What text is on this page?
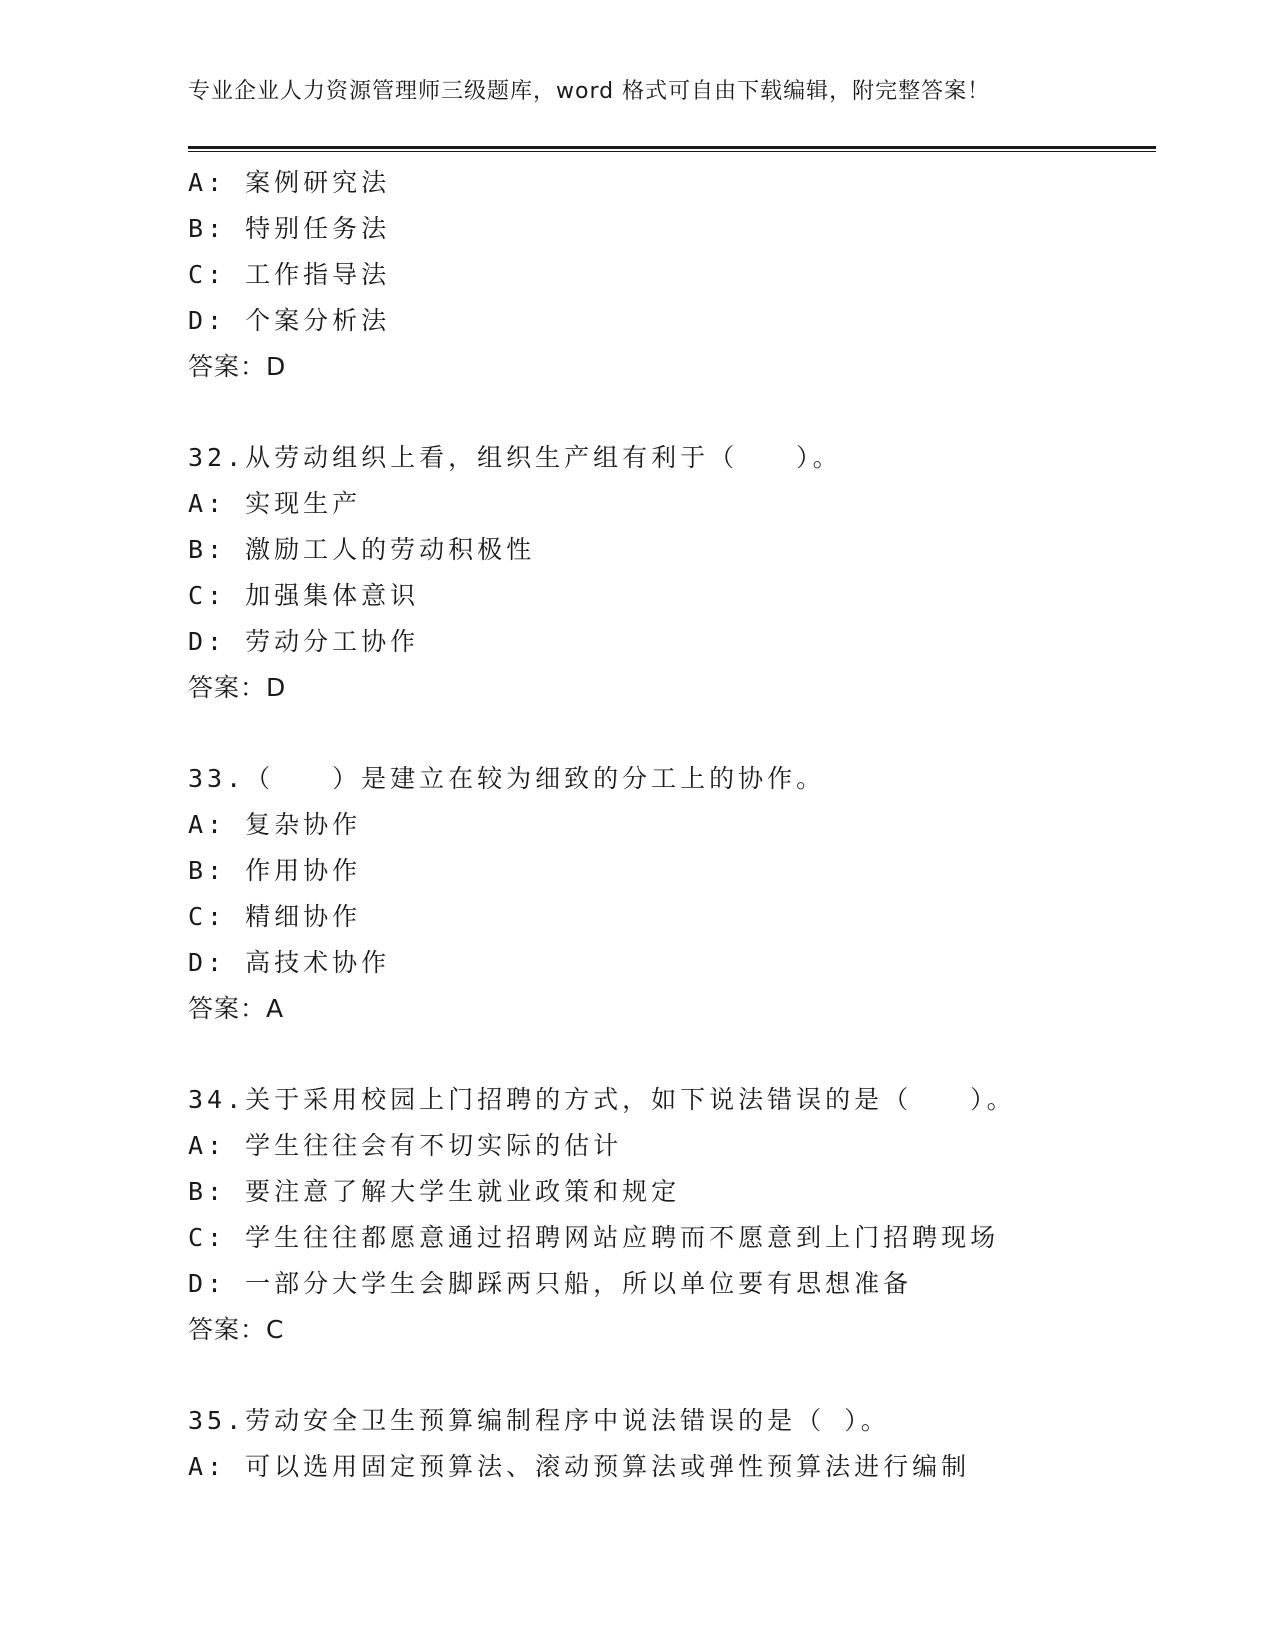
专业企业人力资源管理师三级题库，word 格式可自由下载编辑，附完整答案！
A: 案例研究法
B: 特别任务法
C: 工作指导法
D: 个案分析法
答案：D
32.从劳动组织上看，组织生产组有利于（　　）。
A: 实现生产
B: 激励工人的劳动积极性
C: 加强集体意识
D: 劳动分工协作
答案：D
33.（　　）是建立在较为细致的分工上的协作。
A: 复杂协作
B: 作用协作
C: 精细协作
D: 高技术协作
答案：A
34.关于采用校园上门招聘的方式，如下说法错误的是（　　）。
A: 学生往往会有不切实际的估计
B: 要注意了解大学生就业政策和规定
C: 学生往往都愿意通过招聘网站应聘而不愿意到上门招聘现场
D: 一部分大学生会脚踩两只船，所以单位要有思想准备
答案：C
35.劳动安全卫生预算编制程序中说法错误的是（ ）。
A: 可以选用固定预算法、滚动预算法或弹性预算法进行编制
